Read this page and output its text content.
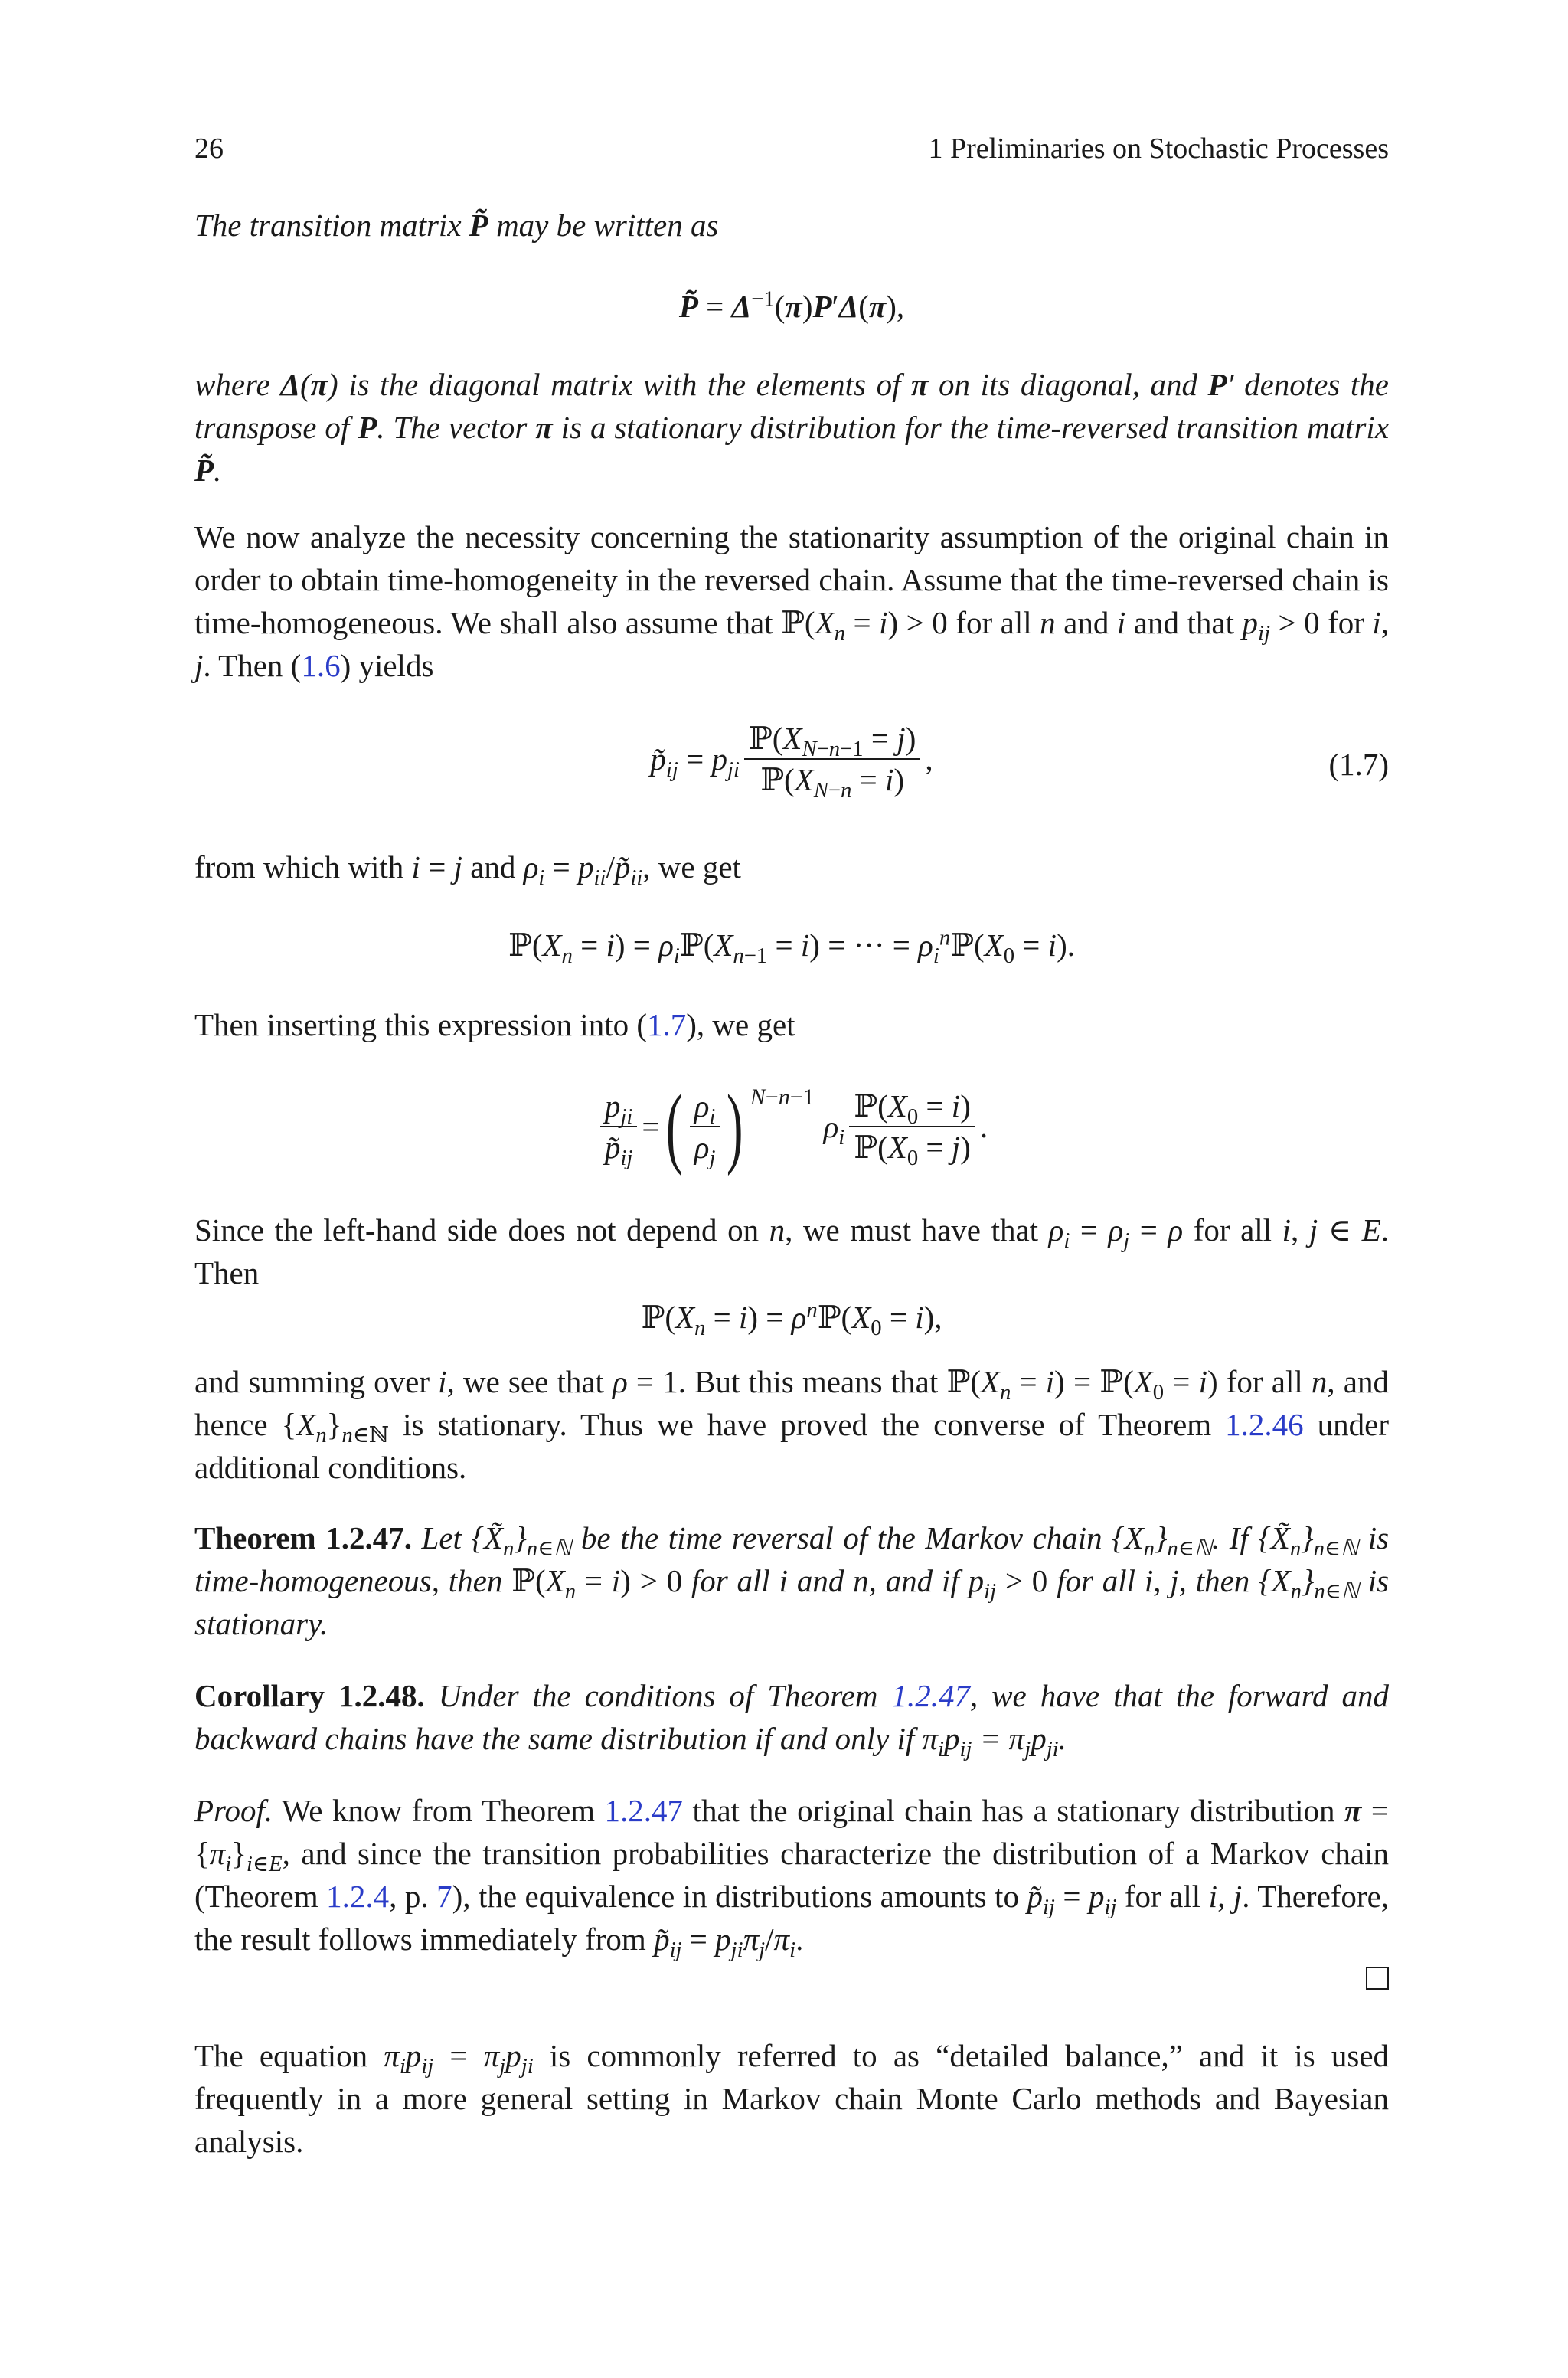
26	1 Preliminaries on Stochastic Processes

The transition matrix P̃ may be written as

P̃ = $\Delta^{-1}(\pi)P'\Delta(\pi)$,

where Δ(π) is the diagonal matrix with the elements of π on its diagonal, and P′ denotes the transpose of P. The vector π is a stationary distribution for the time-reversed transition matrix P̃.

We now analyze the necessity concerning the stationarity assumption of the original chain in order to obtain time-homogeneity in the reversed chain. Assume that the time-reversed chain is time-homogeneous. We shall also assume that $ℙ(X_n = i) > 0$ for all n and i and that $p_{ij} > 0$ for i, j. Then (1.6) yields

$p̃_{ij} = p_{ji} \frac{ℙ(X_{N-n-1} = j)}{ℙ(X_{N-n} = i)}$ ,	(1.7)

from which with i = j and $\rho_i$ = $p_{ii}/p̃_{ii}$, we get

$ℙ(X_n = i)$ = $\rho_iℙ(X_{n-1} = i)$ = ··· = $\rho_i^nℙ(X_0 = i)$.

Then inserting this expression into (1.7), we get

$\frac{p_{ji}}{p̃_{ij}}$ =( $\frac{\rho_i}{\rho_j}$ ) $N-n-1\rho_i \frac{ℙ(X_0 = i)}{ℙ(X_0 = j)}$ .

Since the left-hand side does not depend on n, we must have that $\rho_i = \rho_j = \rho$ for all i, j ∈ E. Then

$ℙ(X_n = i)$ = $\rho^nℙ(X_0 = i)$,

and summing over i, we see that ρ = 1. But this means that $ℙ(X_n = i)$ = $ℙ(X_0 = i)$ for all n, and hence $\{X_n\}_{n\in ℕ}$ is stationary. Thus we have proved the converse of Theorem 1.2.46 under additional conditions.

Theorem 1.2.47. Let $\{X̃_n\}_{n\in ℕ}$ be the time reversal of the Markov chain $\{X_n\}_{n\in ℕ}$. If $\{X̃_n\}_{n\in ℕ}$ is time-homogeneous, then $ℙ(X_n = i) > 0$ for all i and n, and if $p_{ij} > 0$ for all i, j, then $\{X_n\}_{n\in ℕ}$ is stationary.

Corollary 1.2.48. Under the conditions of Theorem 1.2.47, we have that the forward and backward chains have the same distribution if and only if $\pi_ip_{ij} = \pi_jp_{ji}$.

Proof. We know from Theorem 1.2.47 that the original chain has a stationary distribution $\pi = \{\pi_i\}_{i\in E}$, and since the transition probabilities characterize the distribution of a Markov chain (Theorem 1.2.4, p. 7), the equivalence in distributions amounts to $p̃_{ij} = p_{ij}$ for all i, j. Therefore, the result follows immediately from $p̃_{ij} = p_{ji}\pi_j/\pi_i$.

The equation $\pi_ip_{ij} = \pi_jp_{ji}$ is commonly referred to as “detailed balance,” and it is used frequently in a more general setting in Markov chain Monte Carlo methods and Bayesian analysis.
